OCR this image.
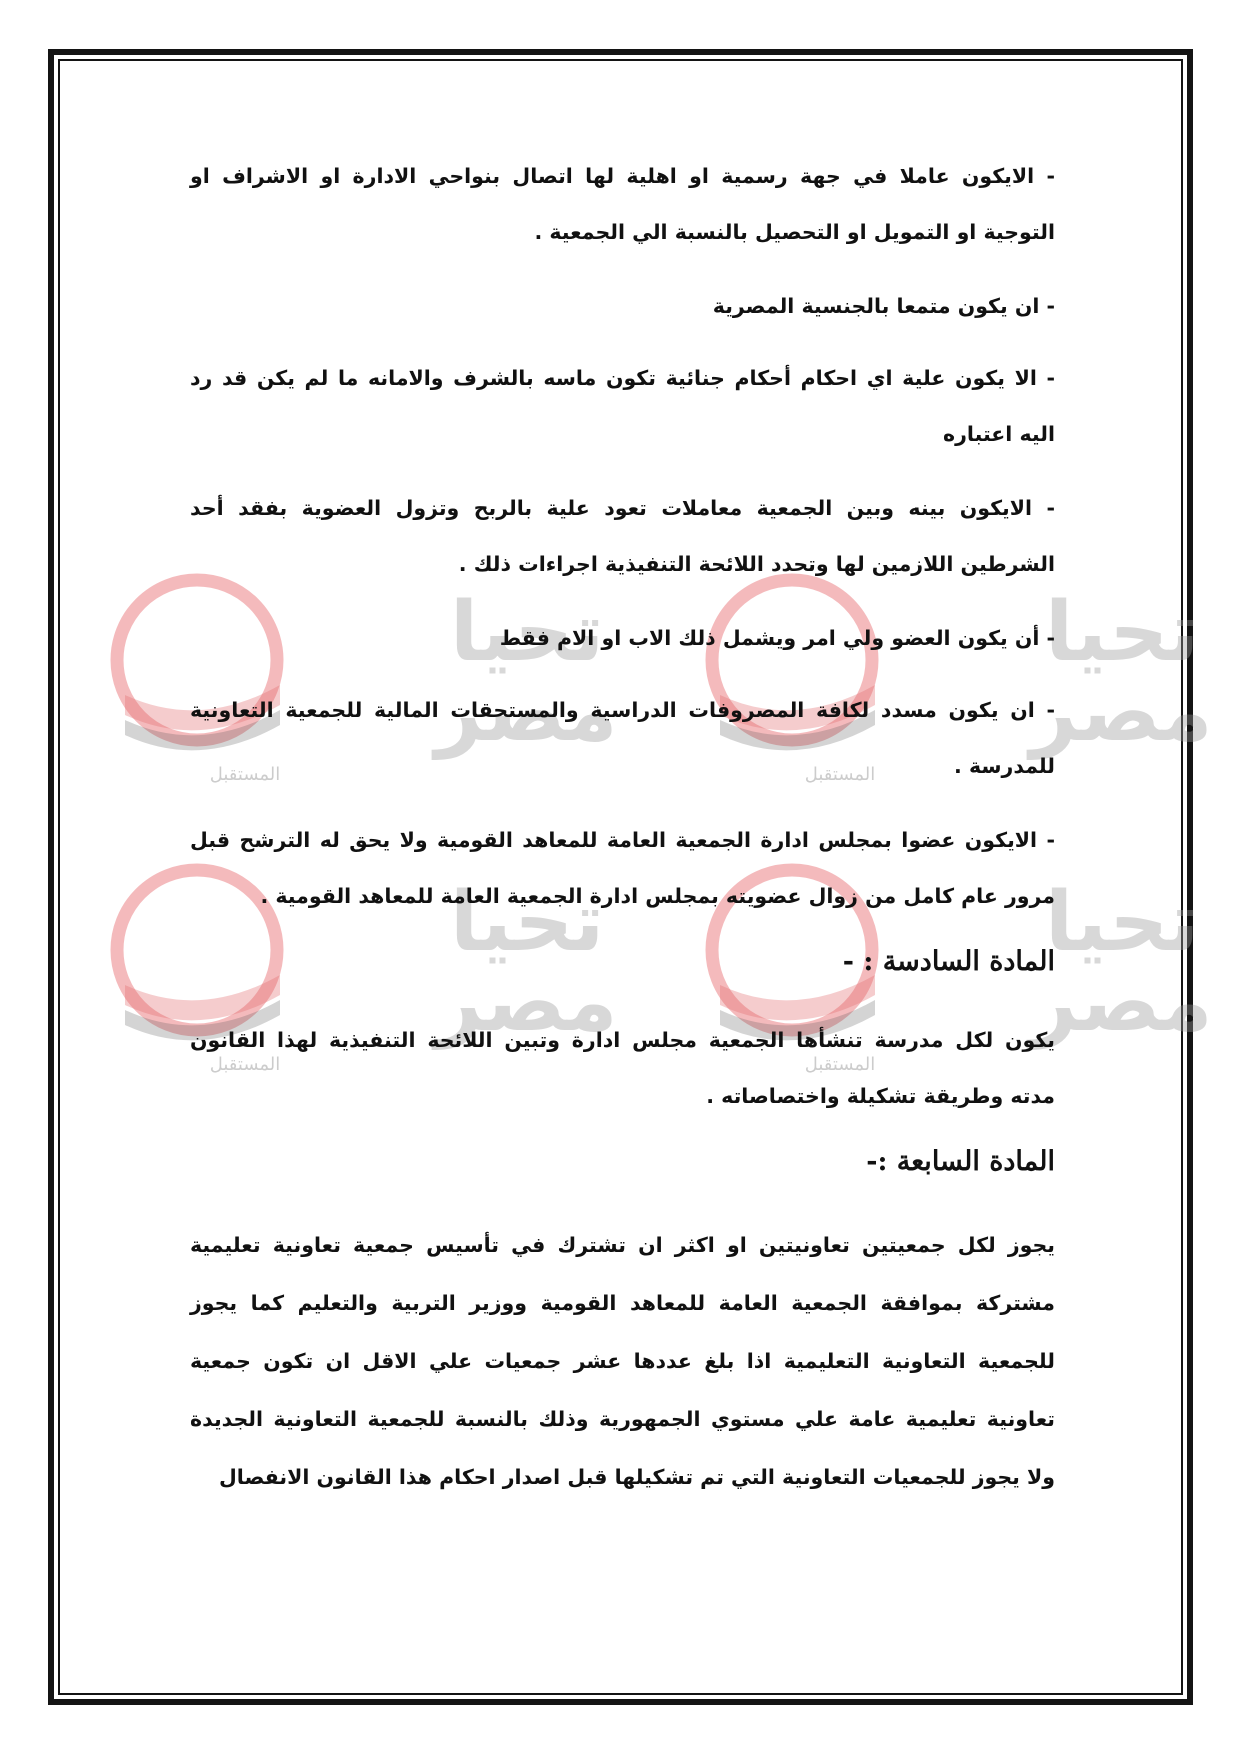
تحيا
مصر
المستقبل
تحيا
مصر
المستقبل
تحيا
مصر
المستقبل
تحيا
مصر
المستقبل

- الايكون عاملا في جهة رسمية او اهلية لها اتصال بنواحي الادارة او الاشراف او التوجية او التمويل او التحصيل بالنسبة الي الجمعية .

- ان يكون متمعا بالجنسية المصرية

- الا يكون علية اي احكام أحكام جنائية تكون ماسه بالشرف والامانه ما لم يكن قد رد اليه اعتباره

- الايكون بينه وبين الجمعية معاملات تعود علية بالربح وتزول العضوية بفقد أحد الشرطين اللازمين لها وتحدد اللائحة التنفيذية اجراءات ذلك .

- أن يكون العضو ولي امر ويشمل ذلك الاب او الام فقط

- ان يكون مسدد لكافة المصروفات الدراسية والمستحقات المالية للجمعية التعاونية للمدرسة .

- الايكون عضوا بمجلس ادارة الجمعية العامة للمعاهد القومية ولا يحق له الترشح قبل مرور عام كامل من زوال عضويته بمجلس ادارة الجمعية العامة للمعاهد القومية .

المادة السادسة : -

يكون لكل مدرسة تنشأها الجمعية مجلس ادارة وتبين اللائحة التنفيذية لهذا القانون مدته وطريقة تشكيلة واختصاصاته .

المادة السابعة :-

يجوز لكل جمعيتين تعاونيتين او اكثر ان تشترك في تأسيس جمعية تعاونية تعليمية مشتركة بموافقة الجمعية العامة للمعاهد القومية ووزير التربية والتعليم كما يجوز للجمعية التعاونية التعليمية اذا بلغ عددها عشر جمعيات علي الاقل ان تكون جمعية تعاونية تعليمية عامة علي مستوي الجمهورية وذلك بالنسبة للجمعية التعاونية الجديدة ولا يجوز للجمعيات التعاونية التي تم تشكيلها قبل اصدار احكام هذا القانون الانفصال
